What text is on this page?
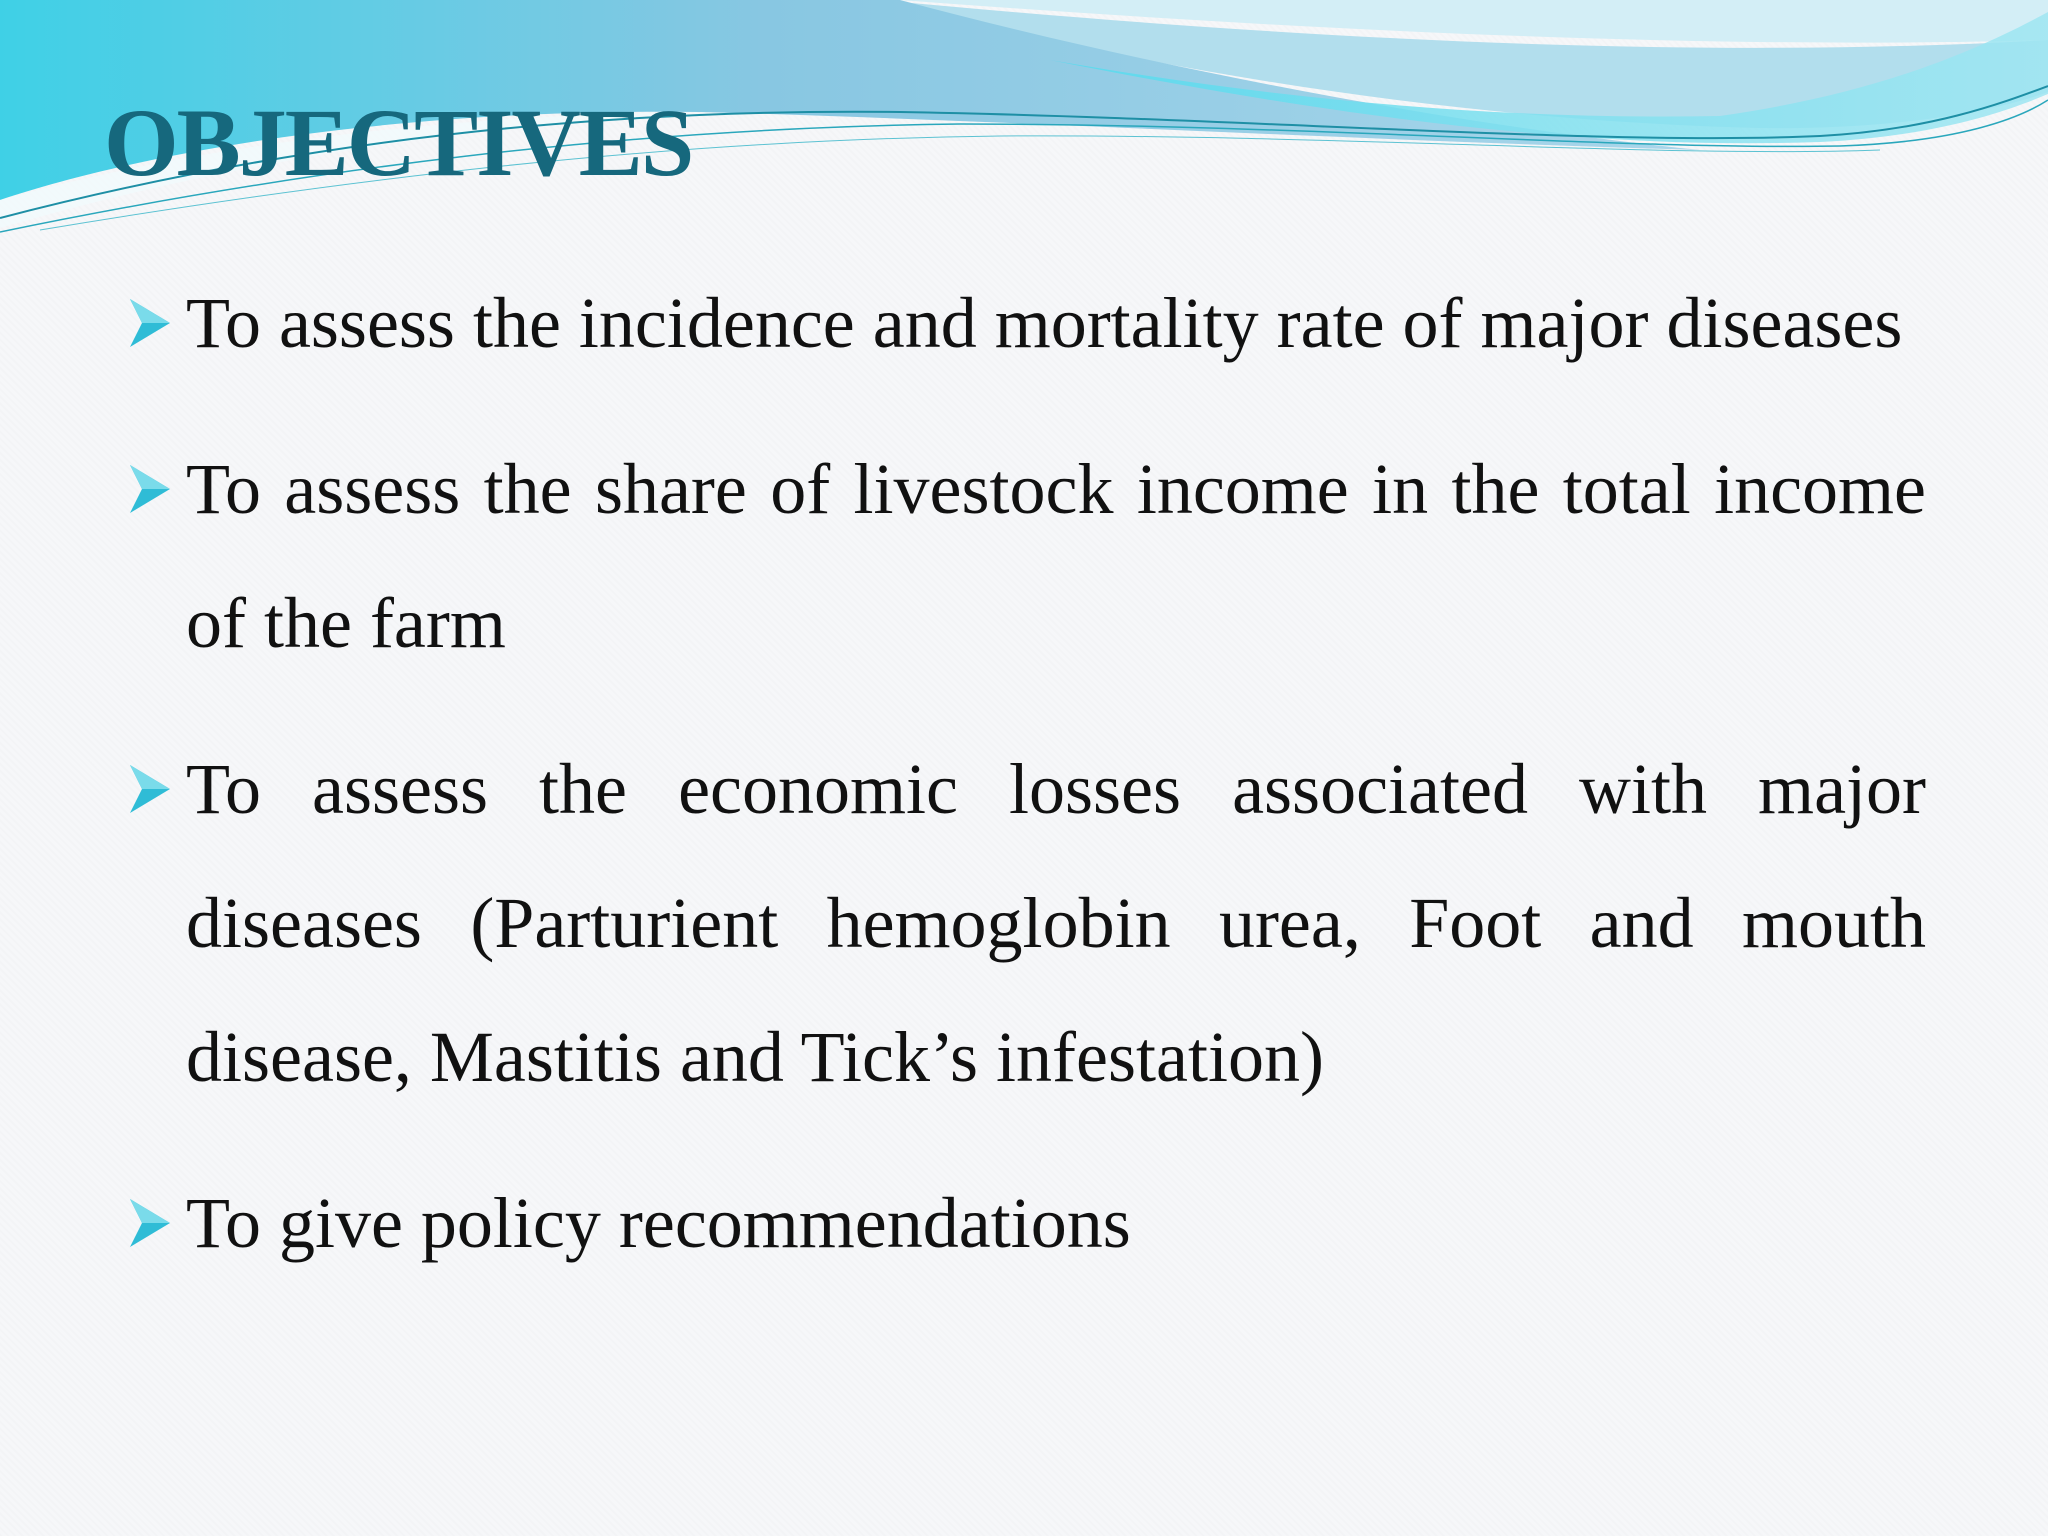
OBJECTIVES
To assess the incidence and mortality rate of major diseases
To assess the share of livestock income in the total income of the farm
To assess the economic losses associated with major diseases (Parturient hemoglobin urea, Foot and mouth disease, Mastitis and Tick’s infestation)
To give policy recommendations
